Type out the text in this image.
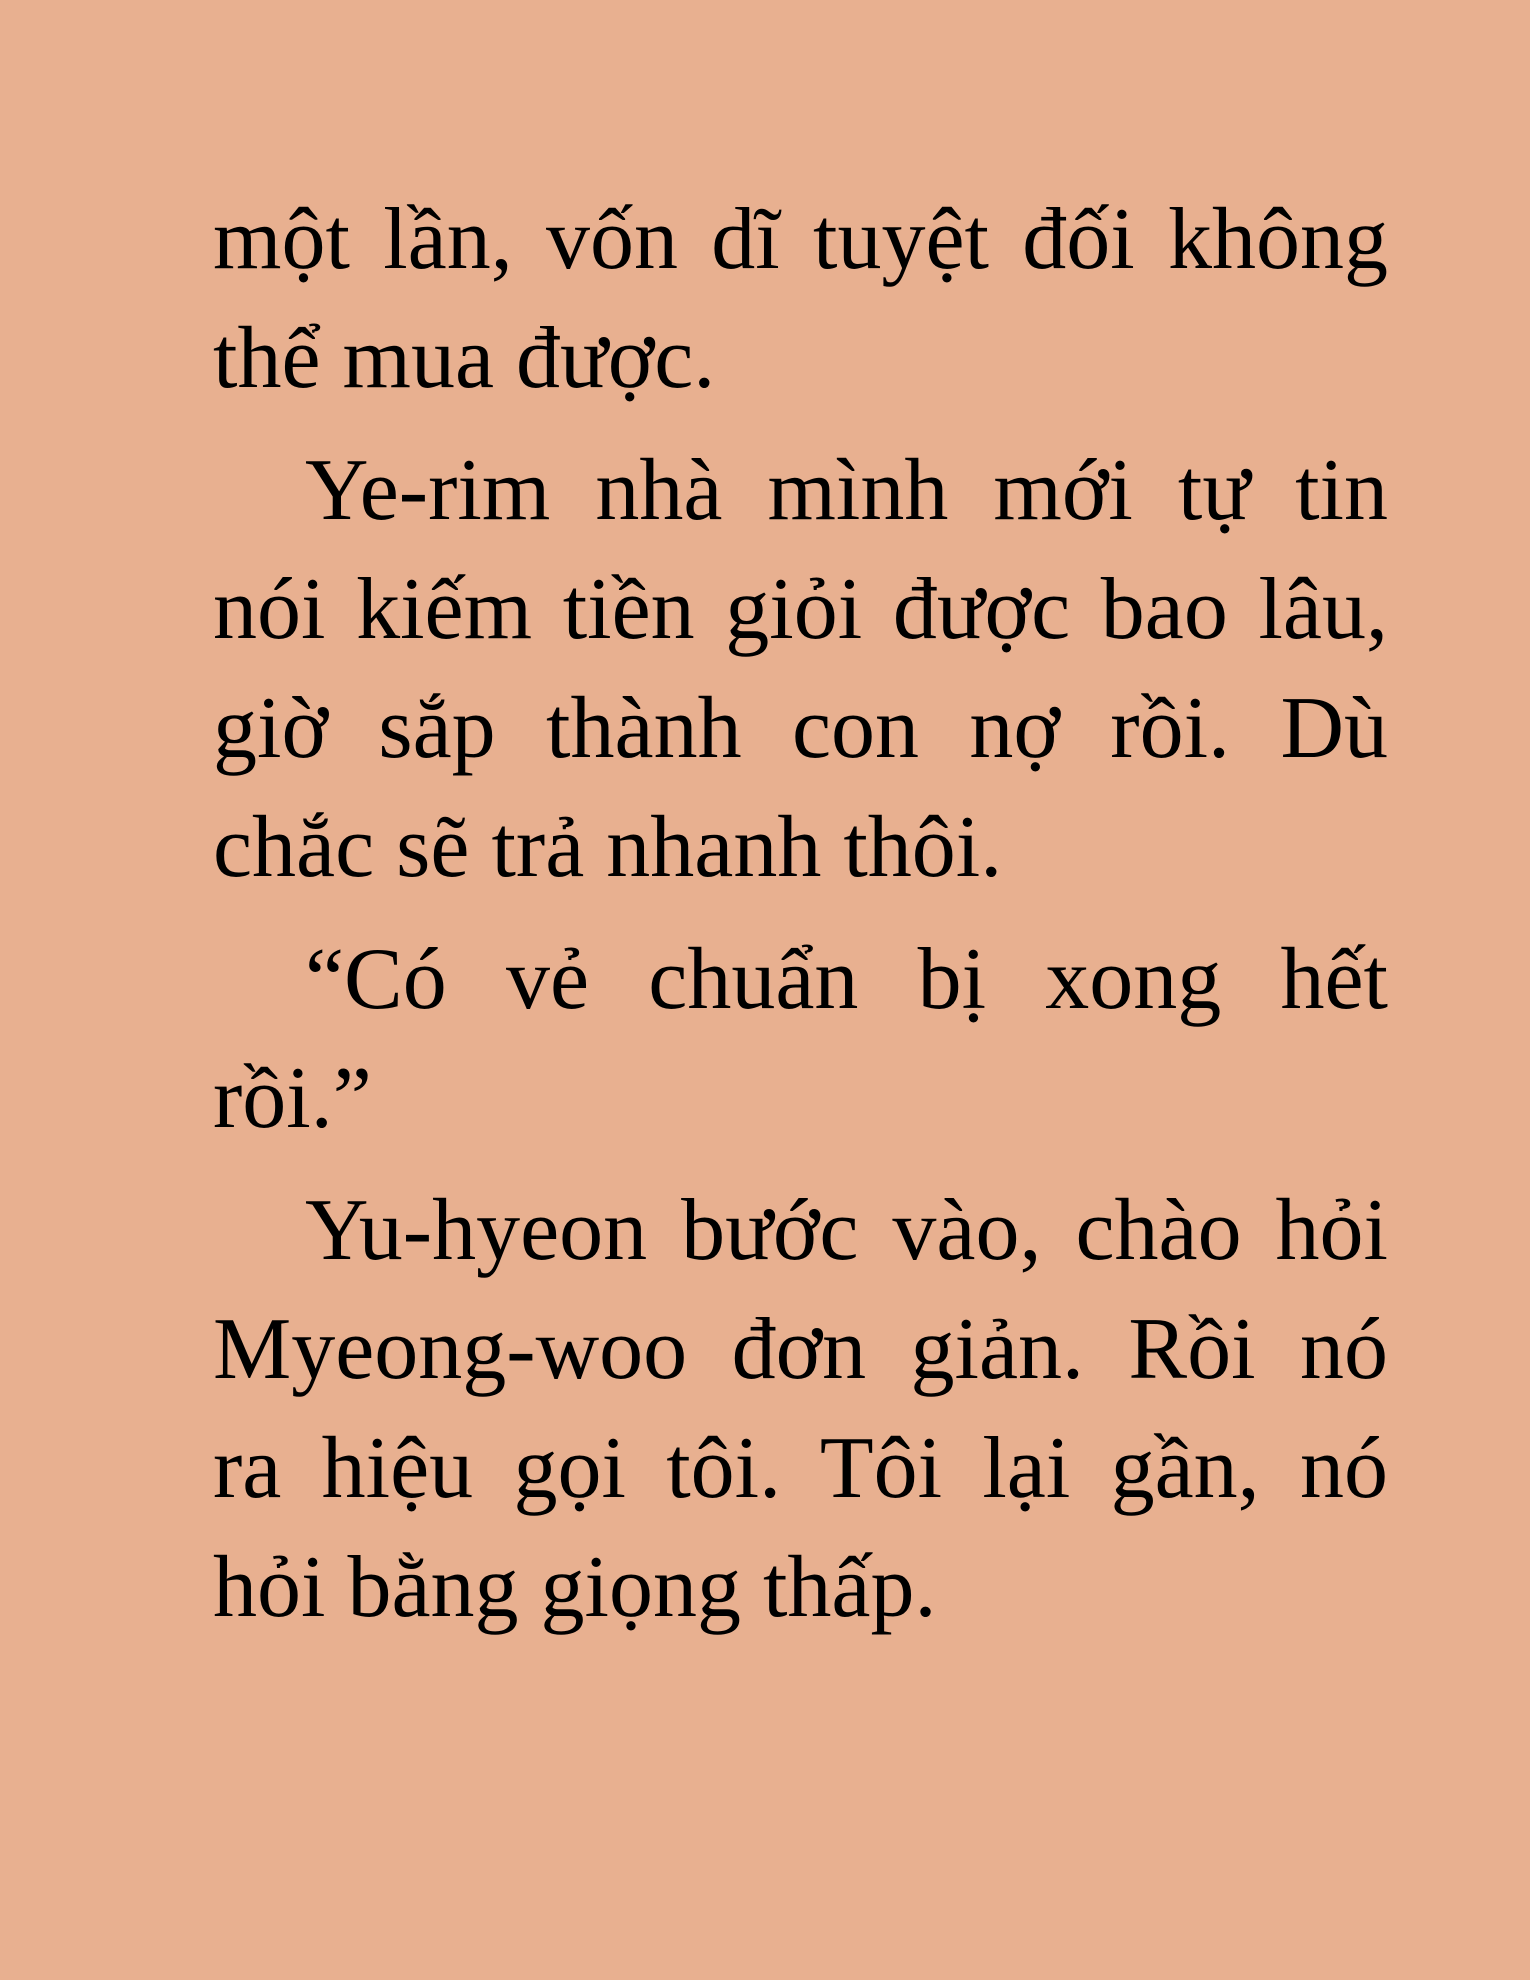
một lần, vốn dĩ tuyệt đối không
thể mua được.

Ye-rim nhà mình mới tự tin
nói kiếm tiền giỏi được bao lâu,
giờ sắp thành con nợ rồi. Dù
chắc sẽ trả nhanh thôi.

“Có vẻ chuẩn bị xong hết
rồi.”

Yu-hyeon bước vào, chào hỏi
Myeong-woo đơn giản. Rồi nó
ra hiệu gọi tôi. Tôi lại gần, nó
hỏi bằng giọng thấp.
